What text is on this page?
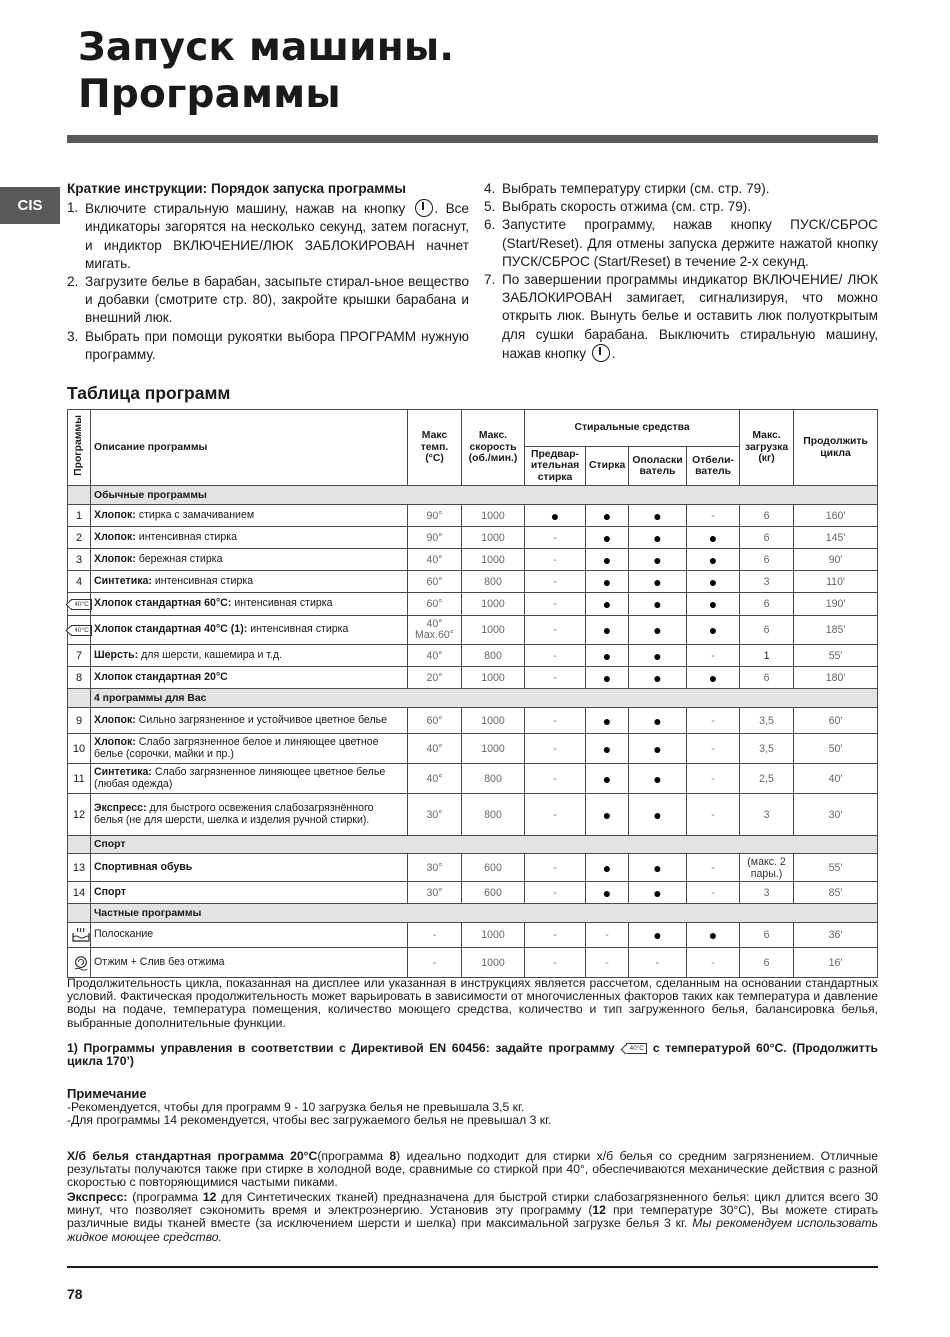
Запуск машины.
Программы
CIS
Краткие инструкции: Порядок запуска программы
1. Включите стиральную машину, нажав на кнопку . Все индикаторы загорятся на несколько секунд, затем погаснут, и индиктор ВКЛЮЧЕНИЕ/ЛЮК ЗАБЛОКИРОВАН начнет мигать.
2. Загрузите белье в барабан, засыпьте стирал-ьное вещество и добавки (смотрите стр. 80), закройте крышки барабана и внешний люк.
3. Выбрать при помощи рукоятки выбора ПРОГРАММ нужную программу.
4. Выбрать температуру стирки (см. стр. 79).
5. Выбрать скорость отжима (см. стр. 79).
6. Запустите программу, нажав кнопку ПУСК/СБРОС (Start/Reset). Для отмены запуска держите нажатой кнопку ПУСК/СБРОС (Start/Reset) в течение 2-х секунд.
7. По завершении программы индикатор ВКЛЮЧЕНИЕ/ ЛЮК ЗАБЛОКИРОВАН замигает, сигнализируя, что можно открыть люк. Вынуть белье и оставить люк полуоткрытым для сушки барабана. Выключить стиральную машину, нажав кнопку .
Таблица программ
Программы	Описание программы	Макс темп. (°C)	Макс. скорость (об./мин.)	Стиральные средства				Макс. загрузка (кг)	Продолжить цикла
				Предвар- ительная стирка	Стирка	Ополаски ватель	Отбели- ватель		
	Обычные программы								
1	Хлопок: стирка с замачиванием	90°	1000	●	●	●	-	6	160'
2	Хлопок: интенсивная стирка	90°	1000	-	●	●	●	6	145'
3	Хлопок: бережная стирка	40°	1000	-	●	●	●	6	90'
4	Синтетика: интенсивная стирка	60°	800	-	●	●	●	3	110'
40°C	Хлопок стандартная 60°C: интенсивная стирка	60°	1000	-	●	●	●	6	190'
40°C	Хлопок стандартная 40°C (1): интенсивная стирка	40° Max.60°	1000	-	●	●	●	6	185'
7	Шерсть: для шерсти, кашемира и т.д.	40°	800	-	●	●	-	1	55'
8	Хлопок стандартная 20°C	20°	1000	-	●	●	●	6	180'
	4 программы для Вас								
9	Хлопок: Сильно загрязненное и устойчивое цветное белье	60°	1000	-	●	●	-	3,5	60'
10	Хлопок: Слабо загрязненное белое и линяющее цветное белье (сорочки, майки и пр.)	40°	1000	-	●	●	-	3,5	50'
11	Синтетика: Слабо загрязненное линяющее цветное белье (любая одежда)	40°	800	-	●	●	-	2,5	40'
12	Экспресс: для быстрого освежения слабозагрязнённого белья (не для шерсти, шелка и изделия ручной стирки).	30°	800	-	●	●	-	3	30'
	Спорт								
13	Спортивная обувь	30°	600	-	●	●	-	(макс. 2 пары.)	55'
14	Спорт	30°	600	-	●	●	-	3	85'
	Частные программы								
	Полоскание	-	1000	-	-	●	●	6	36'
	Отжим + Слив без отжима	-	1000	-	-	-	-	6	16'
Продолжительность цикла, показанная на дисплее или указанная в инструкциях является рассчетом, сделанным на основании стандартных условий. Фактическая продолжительность может варьировать в зависимости от многочисленных факторов таких как температура и давление воды на подаче, температура помещения, количество моющего средства, количество и тип загруженного белья, балансировка белья, выбранные дополнительные функции.
1) Программы управления в соответствии с Директивой EN 60456: задайте программу 40°C с температурой 60°C. (Продолжитть цикла 170’)
Примечание
-Рекомендуется, чтобы для программ 9 - 10 загрузка белья не превышала 3,5 кг.
-Для программы 14 рекомендуется, чтобы вес загружаемого белья не превышал 3 кг.
Х/б белья стандартная программа 20°C(программа 8) идеально подходит для стирки х/б белья со средним загрязнением. Отличные результаты получаются также при стирке в холодной воде, сравнимые со стиркой при 40°, обеспечиваются механические действия с разной скоростью с повторяющимися частыми пиками.
Экспресс: (программа 12 для Синтетических тканей) предназначена для быстрой стирки слабозагрязненного белья: цикл длится всего 30 минут, что позволяет сэкономить время и электроэнергию. Установив эту программу (12 при температуре 30°C), Вы можете стирать различные виды тканей вместе (за исключением шерсти и шелка) при максимальной загрузке белья 3 кг. Мы рекомендуем использовать жидкое моющее средство.
78
